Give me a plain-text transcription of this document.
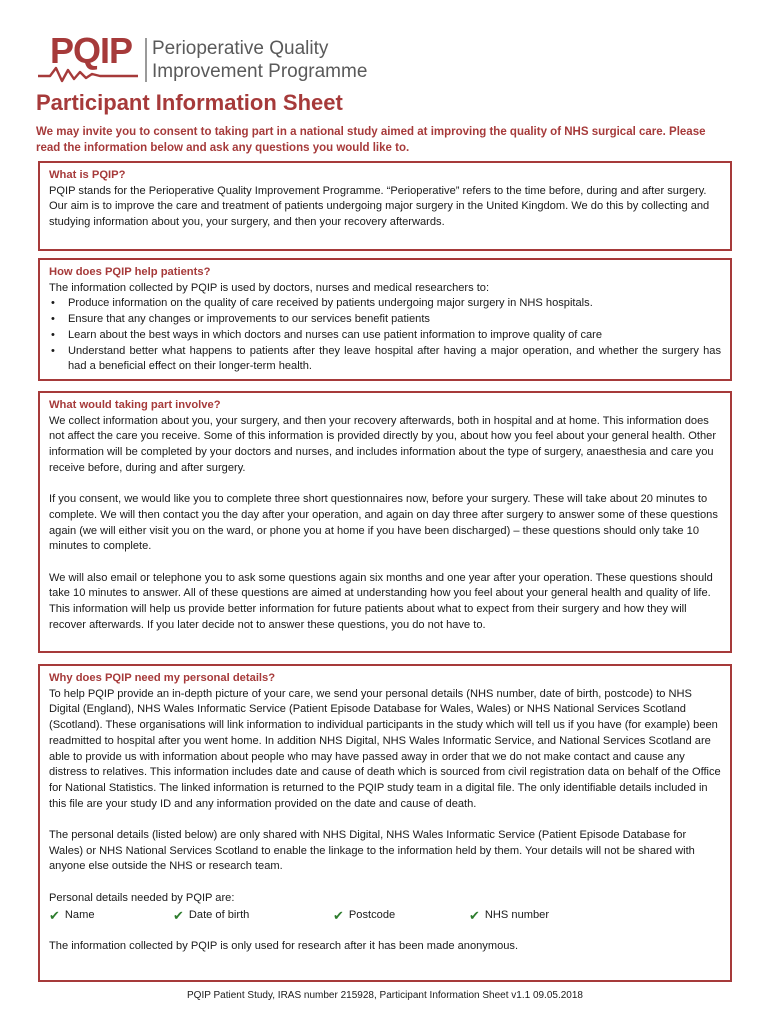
PQIP Perioperative Quality
Improvement Programme
Participant Information Sheet

We may invite you to consent to taking part in a national study aimed at improving the quality of NHS surgical care. Please read the information below and ask any questions you would like to.

What is PQIP?

PQIP stands for the Perioperative Quality Improvement Programme. “Perioperative” refers to the time before, during and after surgery. Our aim is to improve the care and treatment of patients undergoing major surgery in the United Kingdom. We do this by collecting and studying information about you, your surgery, and then your recovery afterwards.

How does PQIP help patients?

The information collected by PQIP is used by doctors, nurses and medical researchers to:

• Produce information on the quality of care received by patients undergoing major surgery in NHS hospitals.
• Ensure that any changes or improvements to our services benefit patients
• Learn about the best ways in which doctors and nurses can use patient information to improve quality of care
• Understand better what happens to patients after they leave hospital after having a major operation, and whether the surgery has had a beneficial effect on their longer-term health.
What would taking part involve?

We collect information about you, your surgery, and then your recovery afterwards, both in hospital and at home. This information does not affect the care you receive. Some of this information is provided directly by you, about how you feel about your general health. Other information will be completed by your doctors and nurses, and includes information about the type of surgery, anaesthesia and care you receive before, during and after surgery.

If you consent, we would like you to complete three short questionnaires now, before your surgery. These will take about 20 minutes to complete. We will then contact you the day after your operation, and again on day three after surgery to answer some of these questions again (we will either visit you on the ward, or phone you at home if you have been discharged) – these questions should only take 10 minutes to complete.

We will also email or telephone you to ask some questions again six months and one year after your operation. These questions should take 10 minutes to answer. All of these questions are aimed at understanding how you feel about your general health and quality of life. This information will help us provide better information for future patients about what to expect from their surgery and how they will recover afterwards. If you later decide not to answer these questions, you do not have to.

Why does PQIP need my personal details?

To help PQIP provide an in-depth picture of your care, we send your personal details (NHS number, date of birth, postcode) to NHS Digital (England), NHS Wales Informatic Service (Patient Episode Database for Wales, Wales) or NHS National Services Scotland (Scotland). These organisations will link information to individual participants in the study which will tell us if you have (for example) been readmitted to hospital after you went home. In addition NHS Digital, NHS Wales Informatic Service, and National Services Scotland are able to provide us with information about people who may have passed away in order that we do not make contact and cause any distress to relatives. This information includes date and cause of death which is sourced from civil registration data on behalf of the Office for National Statistics. The linked information is returned to the PQIP study team in a digital file. The only identifiable details included in this file are your study ID and any information provided on the date and cause of death.

The personal details (listed below) are only shared with NHS Digital, NHS Wales Informatic Service (Patient Episode Database for Wales) or NHS National Services Scotland to enable the linkage to the information held by them. Your details will not be shared with anyone else outside the NHS or research team.

Personal details needed by PQIP are:

✔ Name	✔ Date of birth	✔ Postcode	✔ NHS number

The information collected by PQIP is only used for research after it has been made anonymous.

PQIP Patient Study, IRAS number 215928, Participant Information Sheet v1.1 09.05.2018
